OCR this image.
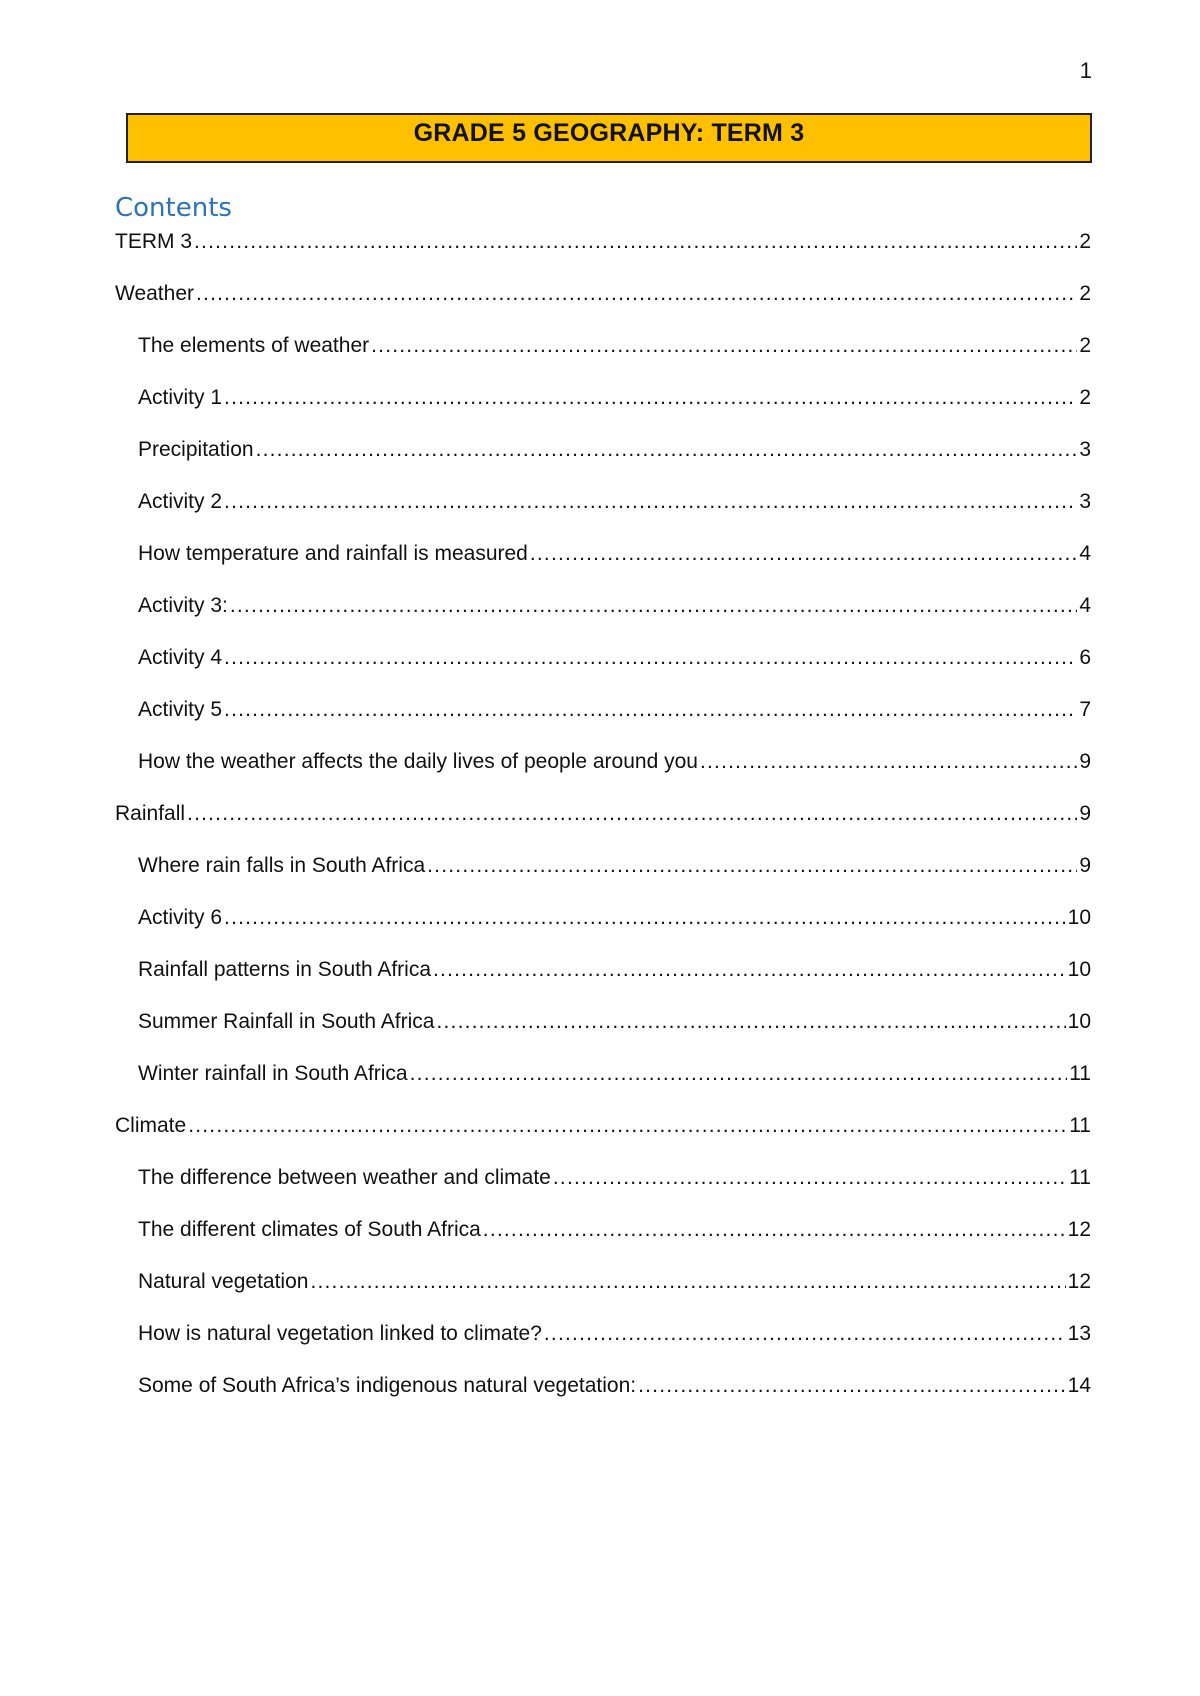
1
GRADE 5 GEOGRAPHY: TERM 3
Contents
TERM 3 .....	2
Weather .....	2
The elements of weather .....	2
Activity 1 .....	2
Precipitation .....	3
Activity 2 .....	3
How temperature and rainfall is measured .....	4
Activity 3: .....	4
Activity 4 .....	6
Activity 5 .....	7
How the weather affects the daily lives of people around you .....	9
Rainfall .....	9
Where rain falls in South Africa .....	9
Activity 6 .....	10
Rainfall patterns in South Africa .....	10
Summer Rainfall in South Africa .....	10
Winter rainfall in South Africa .....	11
Climate .....	11
The difference between weather and climate .....	11
The different climates of South Africa .....	12
Natural vegetation .....	12
How is natural vegetation linked to climate? .....	13
Some of South Africa’s indigenous natural vegetation: .....	14
